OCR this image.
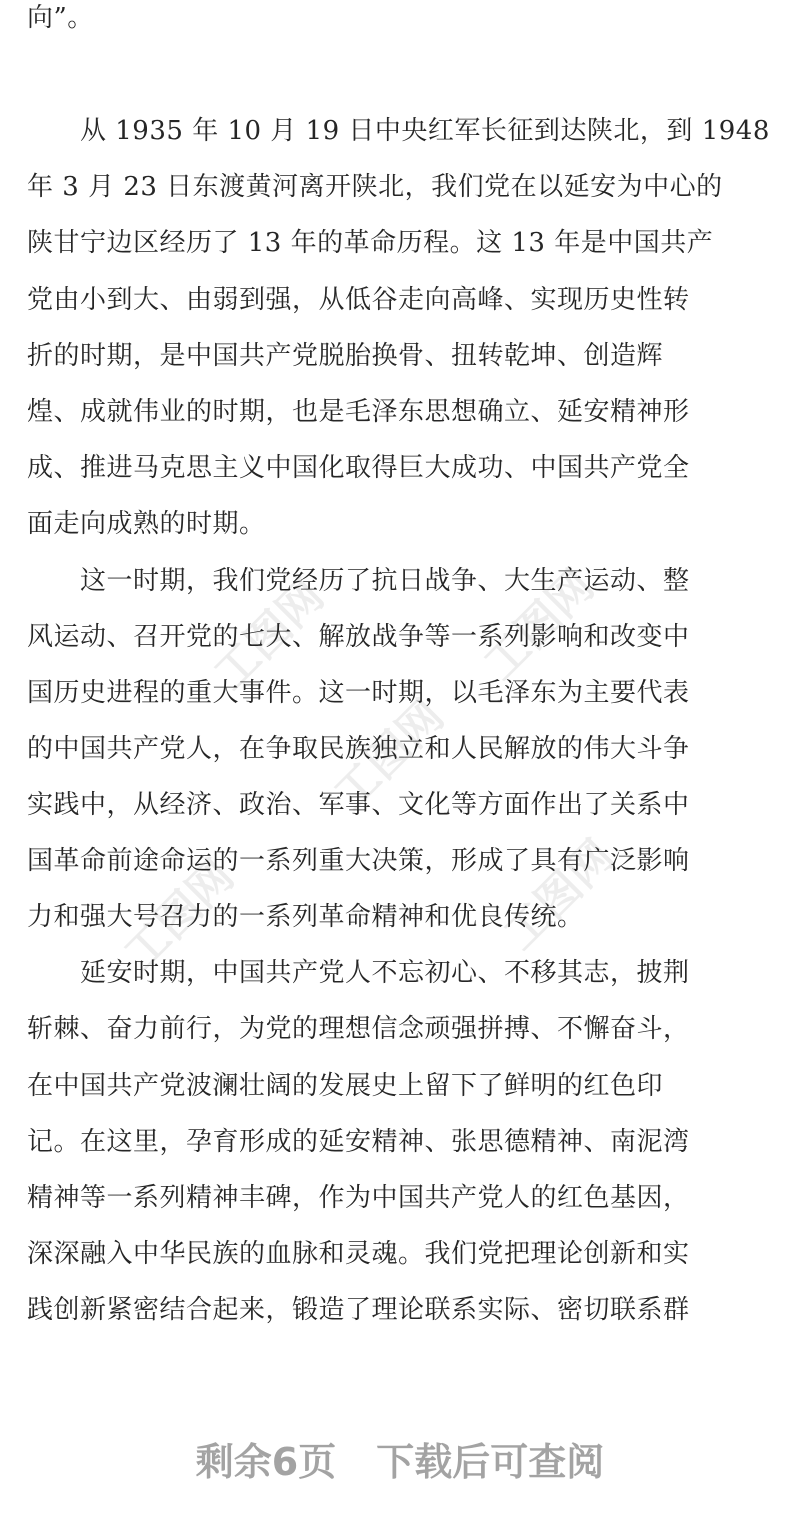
工图网	工图网
工图网
工图网	工图网
向”。
从 1935 年 10 月 19 日中央红军长征到达陕北，到 1948
年 3 月 23 日东渡黄河离开陕北，我们党在以延安为中心的
陕甘宁边区经历了 13 年的革命历程。这 13 年是中国共产
党由小到大、由弱到强，从低谷走向高峰、实现历史性转
折的时期，是中国共产党脱胎换骨、扭转乾坤、创造辉
煌、成就伟业的时期，也是毛泽东思想确立、延安精神形
成、推进马克思主义中国化取得巨大成功、中国共产党全
面走向成熟的时期。
这一时期，我们党经历了抗日战争、大生产运动、整
风运动、召开党的七大、解放战争等一系列影响和改变中
国历史进程的重大事件。这一时期，以毛泽东为主要代表
的中国共产党人，在争取民族独立和人民解放的伟大斗争
实践中，从经济、政治、军事、文化等方面作出了关系中
国革命前途命运的一系列重大决策，形成了具有广泛影响
力和强大号召力的一系列革命精神和优良传统。
延安时期，中国共产党人不忘初心、不移其志，披荆
斩棘、奋力前行，为党的理想信念顽强拼搏、不懈奋斗，
在中国共产党波澜壮阔的发展史上留下了鲜明的红色印
记。在这里，孕育形成的延安精神、张思德精神、南泥湾
精神等一系列精神丰碑，作为中国共产党人的红色基因，
深深融入中华民族的血脉和灵魂。我们党把理论创新和实
践创新紧密结合起来，锻造了理论联系实际、密切联系群
剩余6页 下载后可查阅
